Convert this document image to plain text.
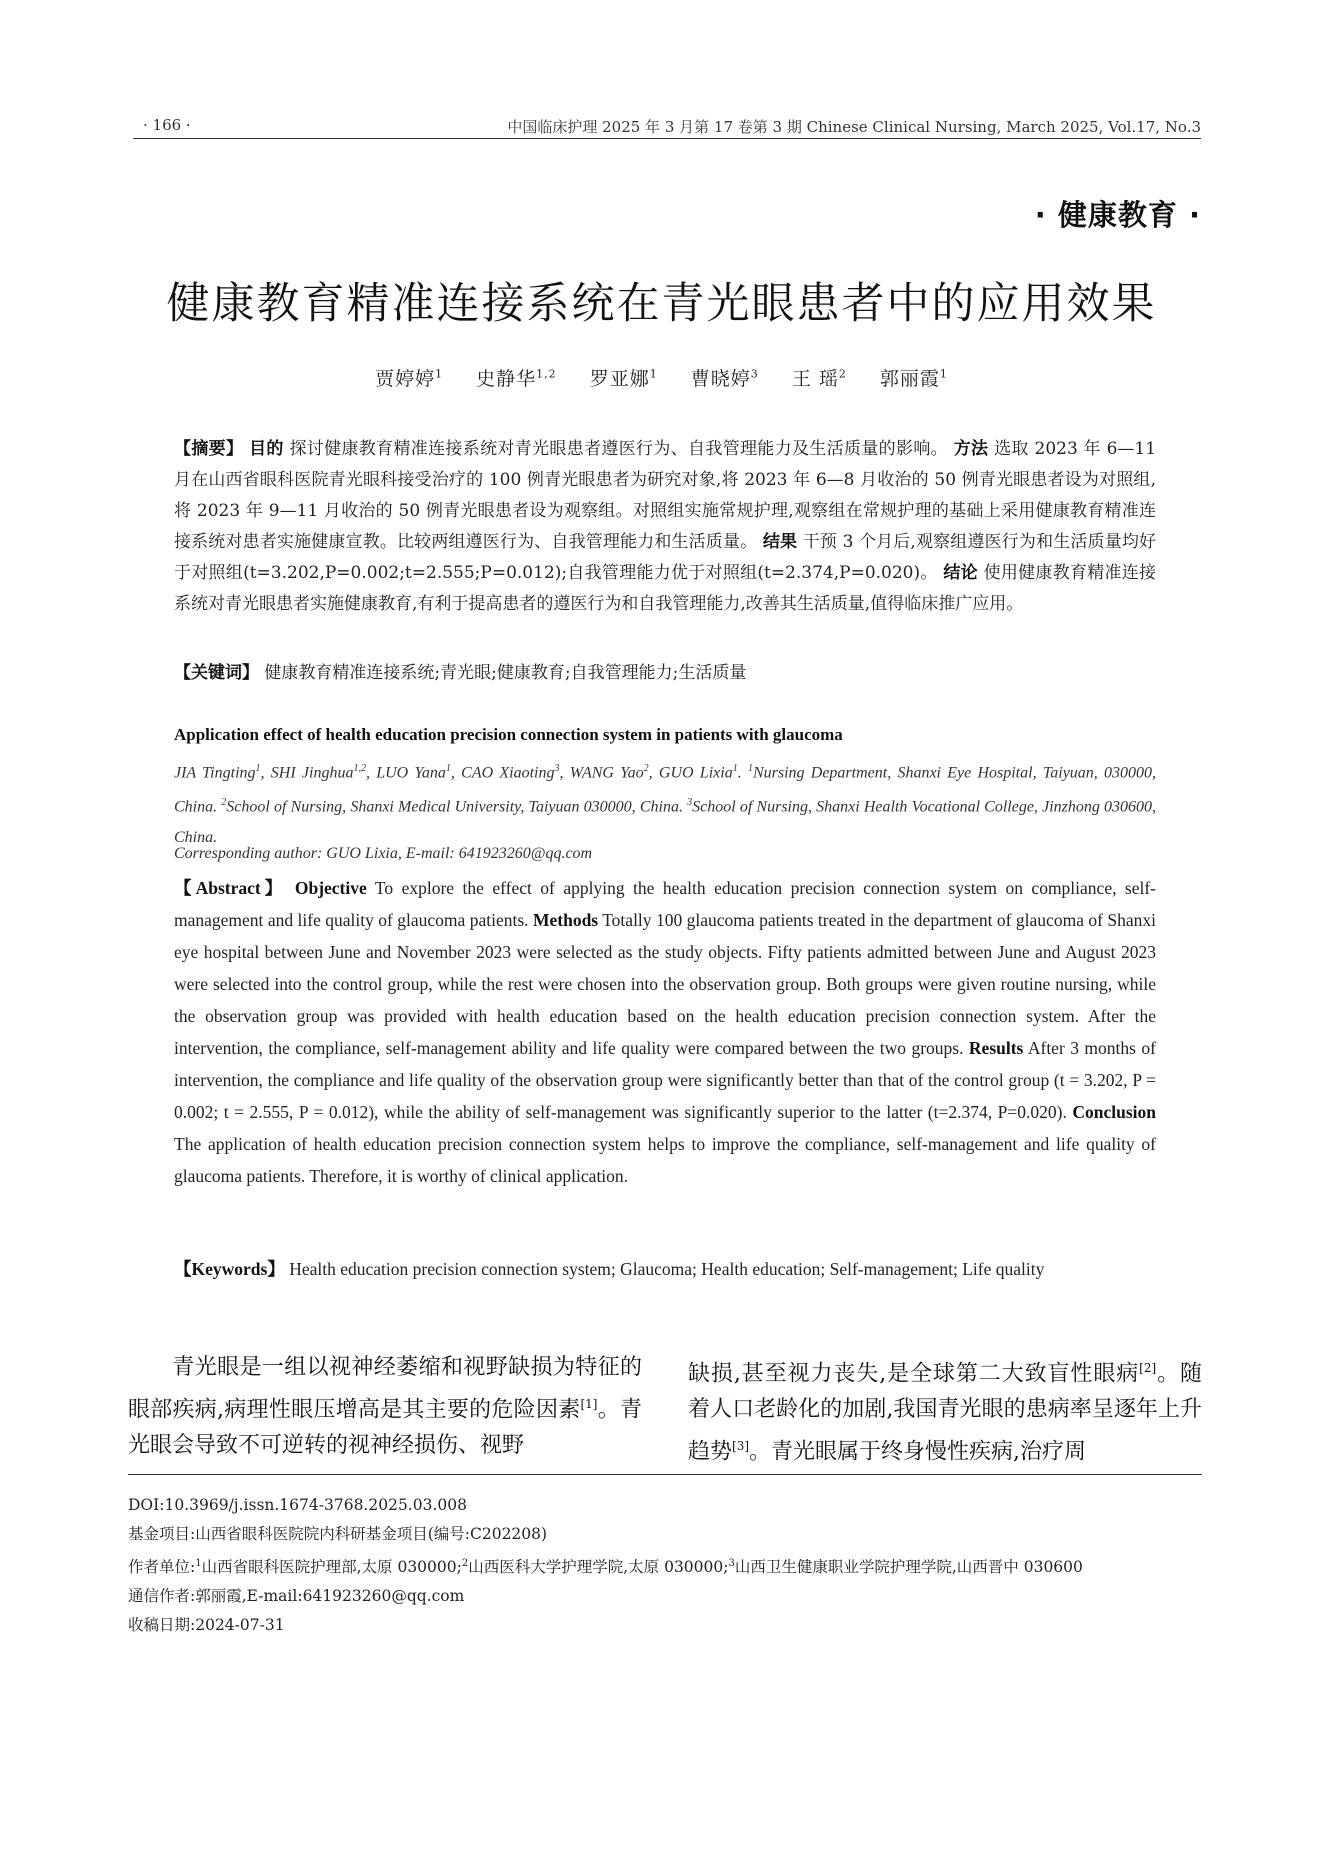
· 166 ·	中国临床护理 2025 年 3 月第 17 卷第 3 期 Chinese Clinical Nursing, March 2025, Vol.17, No.3
· 健康教育 ·
健康教育精准连接系统在青光眼患者中的应用效果
贾婷婷$^1$ 史静华$^{1,2}$ 罗亚娜$^1$ 曹晓婷$^3$ 王 瑶$^2$ 郭丽霞$^1$
【摘要】 目的 探讨健康教育精准连接系统对青光眼患者遵医行为、自我管理能力及生活质量的影响。 方法 选取 2023 年 6—11 月在山西省眼科医院青光眼科接受治疗的 100 例青光眼患者为研究对象,将 2023 年 6—8 月收治的 50 例青光眼患者设为对照组,将 2023 年 9—11 月收治的 50 例青光眼患者设为观察组。对照组实施常规护理,观察组在常规护理的基础上采用健康教育精准连接系统对患者实施健康宣教。比较两组遵医行为、自我管理能力和生活质量。 结果 干预 3 个月后,观察组遵医行为和生活质量均好于对照组(t=3.202,P=0.002;t=2.555;P=0.012);自我管理能力优于对照组(t=2.374,P=0.020)。 结论 使用健康教育精准连接系统对青光眼患者实施健康教育,有利于提高患者的遵医行为和自我管理能力,改善其生活质量,值得临床推广应用。
【关键词】 健康教育精准连接系统;青光眼;健康教育;自我管理能力;生活质量
Application effect of health education precision connection system in patients with glaucoma
JIA Tingting$^1$, SHI Jinghua$^{1,2}$, LUO Yana$^1$, CAO Xiaoting$^3$, WANG Yao$^2$, GUO Lixia$^1$. $^1$Nursing Department, Shanxi Eye Hospital, Taiyuan, 030000, China. $^2$School of Nursing, Shanxi Medical University, Taiyuan 030000, China. $^3$School of Nursing, Shanxi Health Vocational College, Jinzhong 030600, China.
Corresponding author: GUO Lixia, E-mail: 641923260@qq.com
【Abstract】 Objective To explore the effect of applying the health education precision connection system on compliance, self-management and life quality of glaucoma patients. Methods Totally 100 glaucoma patients treated in the department of glaucoma of Shanxi eye hospital between June and November 2023 were selected as the study objects. Fifty patients admitted between June and August 2023 were selected into the control group, while the rest were chosen into the observation group. Both groups were given routine nursing, while the observation group was provided with health education based on the health education precision connection system. After the intervention, the compliance, self-management ability and life quality were compared between the two groups. Results After 3 months of intervention, the compliance and life quality of the observation group were significantly better than that of the control group (t = 3.202, P = 0.002; t = 2.555, P = 0.012), while the ability of self-management was significantly superior to the latter (t=2.374, P=0.020). Conclusion The application of health education precision connection system helps to improve the compliance, self-management and life quality of glaucoma patients. Therefore, it is worthy of clinical application.
【Keywords】 Health education precision connection system; Glaucoma; Health education; Self-management; Life quality
青光眼是一组以视神经萎缩和视野缺损为特征的眼部疾病,病理性眼压增高是其主要的危险因素[1]。青光眼会导致不可逆转的视神经损伤、视野
缺损,甚至视力丧失,是全球第二大致盲性眼病[2]。随着人口老龄化的加剧,我国青光眼的患病率呈逐年上升趋势[3]。青光眼属于终身慢性疾病,治疗周
DOI:10.3969/j.issn.1674-3768.2025.03.008
基金项目:山西省眼科医院院内科研基金项目(编号:C202208)
作者单位:$^1$山西省眼科医院护理部,太原 030000;$^2$山西医科大学护理学院,太原 030000;$^3$山西卫生健康职业学院护理学院,山西晋中 030600
通信作者:郭丽霞,E-mail:641923260@qq.com
收稿日期:2024-07-31
